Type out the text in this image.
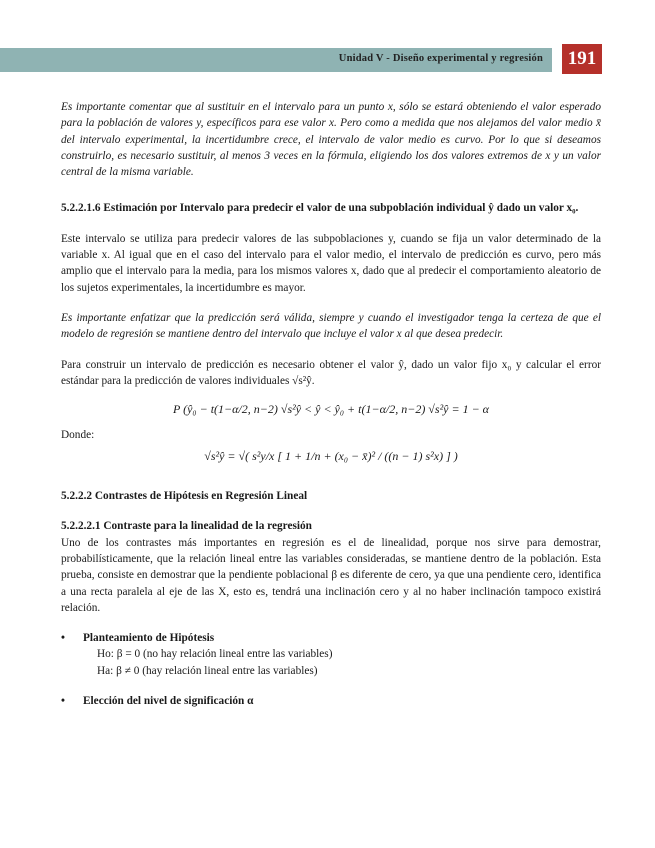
Unidad V - Diseño experimental y regresión	191

Es importante comentar que al sustituir en el intervalo para un punto x, sólo se estará obteniendo el valor esperado para la población de valores y, específicos para ese valor x. Pero como a medida que nos alejamos del valor medio x̄ del intervalo experimental, la incertidumbre crece, el intervalo de valor medio es curvo. Por lo que si deseamos construirlo, es necesario sustituir, al menos 3 veces en la fórmula, eligiendo los dos valores extremos de x y un valor central de la misma variable.

5.2.2.1.6 Estimación por Intervalo para predecir el valor de una subpoblación individual ŷ dado un valor x₀.

Este intervalo se utiliza para predecir valores de las subpoblaciones y, cuando se fija un valor determinado de la variable x. Al igual que en el caso del intervalo para el valor medio, el intervalo de predicción es curvo, pero más amplio que el intervalo para la media, para los mismos valores x, dado que al predecir el comportamiento aleatorio de los sujetos experimentales, la incertidumbre es mayor.

Es importante enfatizar que la predicción será válida, siempre y cuando el investigador tenga la certeza de que el modelo de regresión se mantiene dentro del intervalo que incluye el valor x al que desea predecir.

Para construir un intervalo de predicción es necesario obtener el valor ŷ, dado un valor fijo x₀ y calcular el error estándar para la predicción de valores individuales √s²ŷ.

P (ŷ₀ − t(1−α/2, n−2) √s²ŷ < ŷ < ŷ₀ + t(1−α/2, n−2) √s²ŷ = 1 − α

Donde:

√s²ŷ = √( s²y/x [ 1 + 1/n + (x₀ − x̄)² / ((n − 1) s²x) ] )

5.2.2.2 Contrastes de Hipótesis en Regresión Lineal

5.2.2.2.1 Contraste para la linealidad de la regresión

Uno de los contrastes más importantes en regresión es el de linealidad, porque nos sirve para demostrar, probabilísticamente, que la relación lineal entre las variables consideradas, se mantiene dentro de la población. Esta prueba, consiste en demostrar que la pendiente poblacional β es diferente de cero, ya que una pendiente cero, identifica a una recta paralela al eje de las X, esto es, tendrá una inclinación cero y al no haber inclinación tampoco existirá relación.

• Planteamiento de Hipótesis
Ho: β = 0 (no hay relación lineal entre las variables)
Ha: β ≠ 0 (hay relación lineal entre las variables)
• Elección del nivel de significación α
